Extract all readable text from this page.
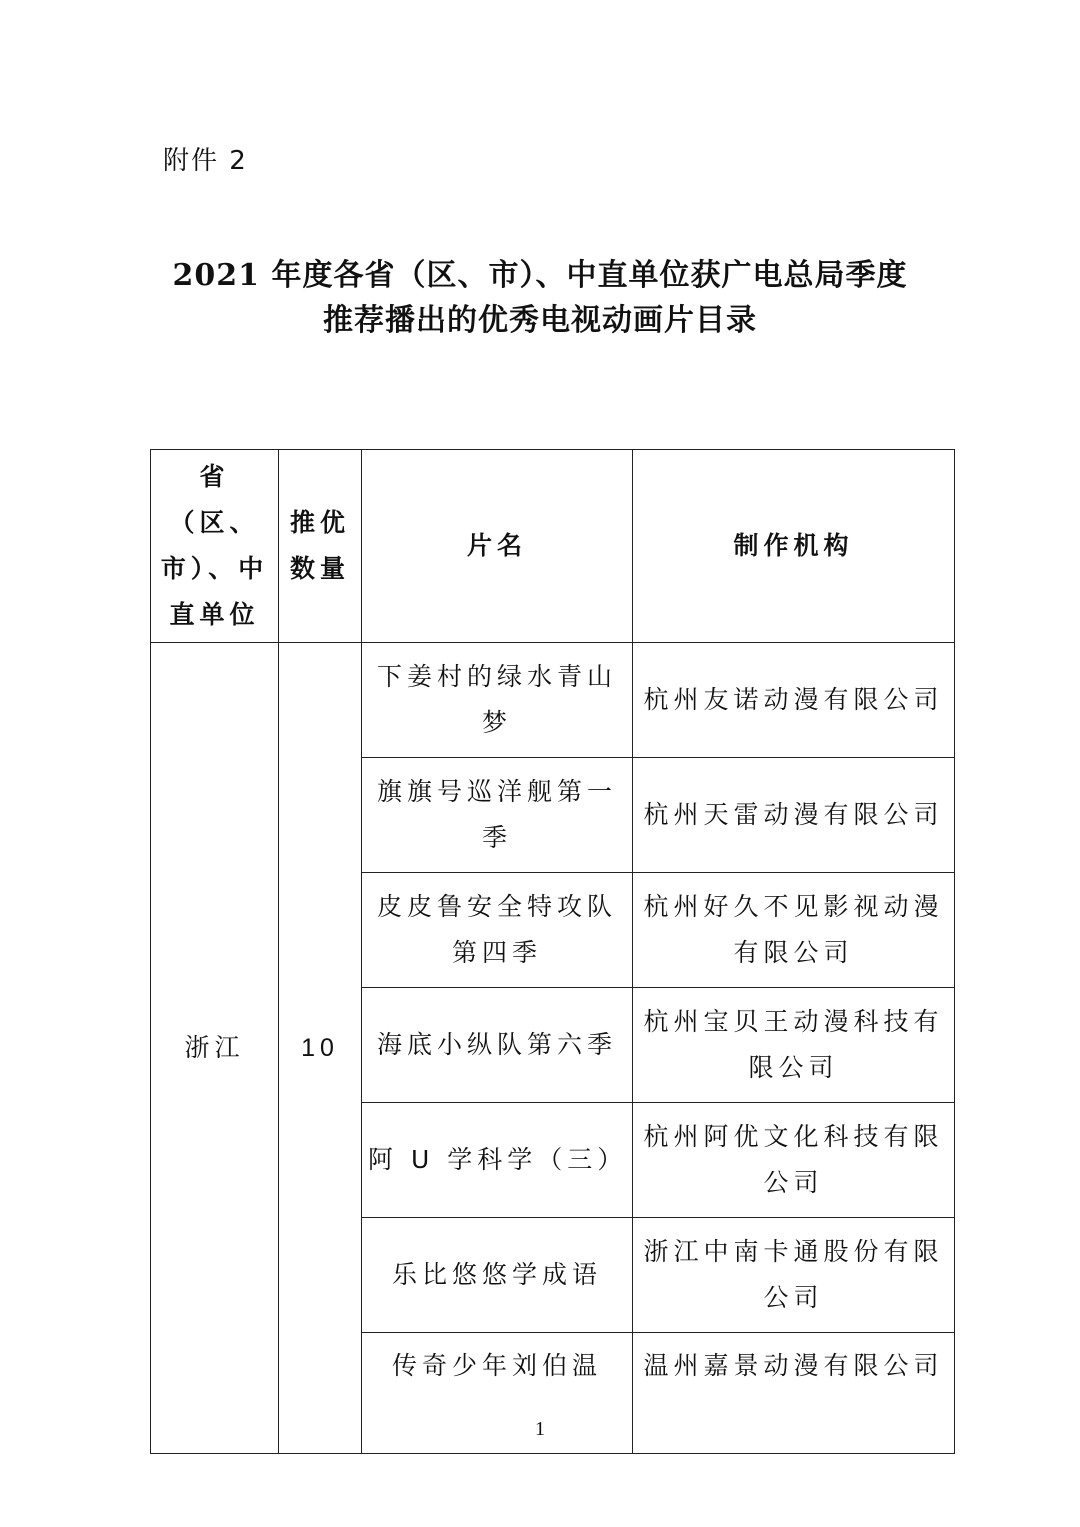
附件 2
2021 年度各省（区、市）、中直单位获广电总局季度
推荐播出的优秀电视动画片目录
省（区、市）、中直单位	推优数量	片名	制作机构
浙江	10	下姜村的绿水青山梦	杭州友诺动漫有限公司
		旗旗号巡洋舰第一季	杭州天雷动漫有限公司
		皮皮鲁安全特攻队第四季	杭州好久不见影视动漫有限公司
		海底小纵队第六季	杭州宝贝王动漫科技有限公司
		阿 U 学科学（三）	杭州阿优文化科技有限公司
		乐比悠悠学成语	浙江中南卡通股份有限公司
		传奇少年刘伯温	温州嘉景动漫有限公司
1
